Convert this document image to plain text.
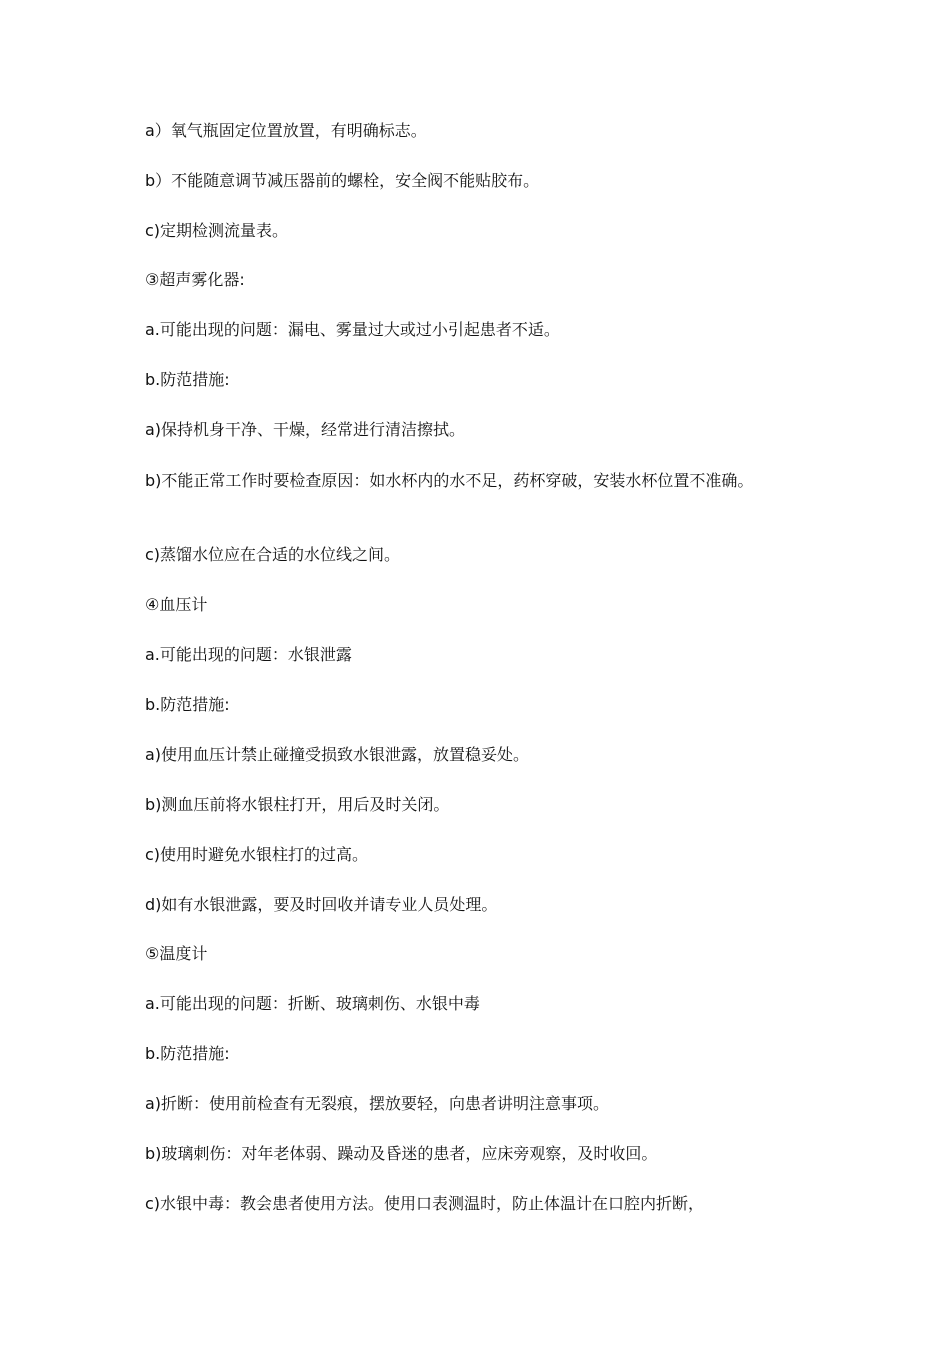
a）氧气瓶固定位置放置，有明确标志。

b）不能随意调节减压器前的螺栓，安全阀不能贴胶布。

c)定期检测流量表。

③超声雾化器:

a.可能出现的问题：漏电、雾量过大或过小引起患者不适。

b.防范措施:

a)保持机身干净、干燥，经常进行清洁擦拭。

b)不能正常工作时要检查原因：如水杯内的水不足，药杯穿破，安装水杯位置不准确。

c)蒸馏水位应在合适的水位线之间。

④血压计

a.可能出现的问题：水银泄露

b.防范措施:

a)使用血压计禁止碰撞受损致水银泄露，放置稳妥处。

b)测血压前将水银柱打开，用后及时关闭。

c)使用时避免水银柱打的过高。

d)如有水银泄露，要及时回收并请专业人员处理。

⑤温度计

a.可能出现的问题：折断、玻璃刺伤、水银中毒

b.防范措施:

a)折断：使用前检查有无裂痕，摆放要轻，向患者讲明注意事项。

b)玻璃刺伤：对年老体弱、躁动及昏迷的患者，应床旁观察，及时收回。

c)水银中毒：教会患者使用方法。使用口表测温时，防止体温计在口腔内折断，
